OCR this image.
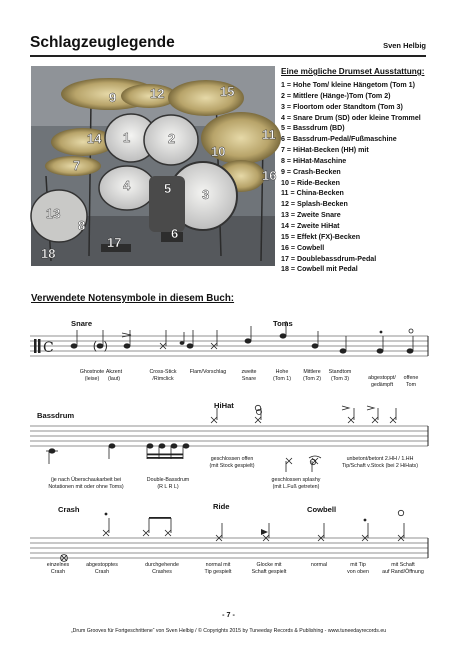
Schlagzeuglegende	Sven Helbig
1	2
3
4	5
6
7
8
9
10
11
12
13
14
15
16
17
18
Eine mögliche Drumset Ausstattung:
1 = Hohe Tom/ kleine Hängetom (Tom 1)
2 = Mittlere (Hänge-)Tom (Tom 2)
3 = Floortom oder Standtom (Tom 3)
4 = Snare Drum (SD) oder kleine Trommel
5 = Bassdrum (BD)
6 = Bassdrum-Pedal/Fußmaschine
7 = HiHat-Becken (HH) mit
8 = HiHat-Maschine
9 = Crash-Becken
10 = Ride-Becken
11 = China-Becken
12 = Splash-Becken
13 = Zweite Snare
14 = Zweite HiHat
15 = Effekt (FX)-Becken
16 = Cowbell
17 = Doublebassdrum-Pedal
18 = Cowbell mit Pedal
Verwendete Notensymbole in diesem Buch:
Snare	Toms
C	( )
Ghostnote
(leise)
Akzent
(laut)
Cross-Stick
/Rimclick
Flam/Vorschlag	zweite
Snare
Hohe
(Tom 1)
Mittlere
(Tom 2)
Standtom
(Tom 3)	abgestoppt/
gedämpft
offene
Tom
Bassdrum
HiHat
(je nach Überschaukarbeit bei
Notationen mit oder ohne Toms)
Double-Bassdrum
(R L R L)
geschlossen offen
(mit Stock gespielt)
geschlossen splashy
(mit L.Fuß getreten)
unbetont/betont 2.HH / 1.HH
Tip/Schaft v.Stock (bei 2 HiHats)
Crash	Ride	Cowbell
einzelnes
Crash
abgestopptes
Crash
durchgehende
Crashes
normal mit
Tip gespielt
Glocke mit
Schaft gespielt
normal	mit Tip
von oben
mit Schaft
auf Rand/Öffnung
- 7 -
„Drum Grooves für Fortgeschrittene“ von Sven Helbig / © Copyrights 2015 by Tuneeday Records & Publishing - www.tuneedayrecords.eu
